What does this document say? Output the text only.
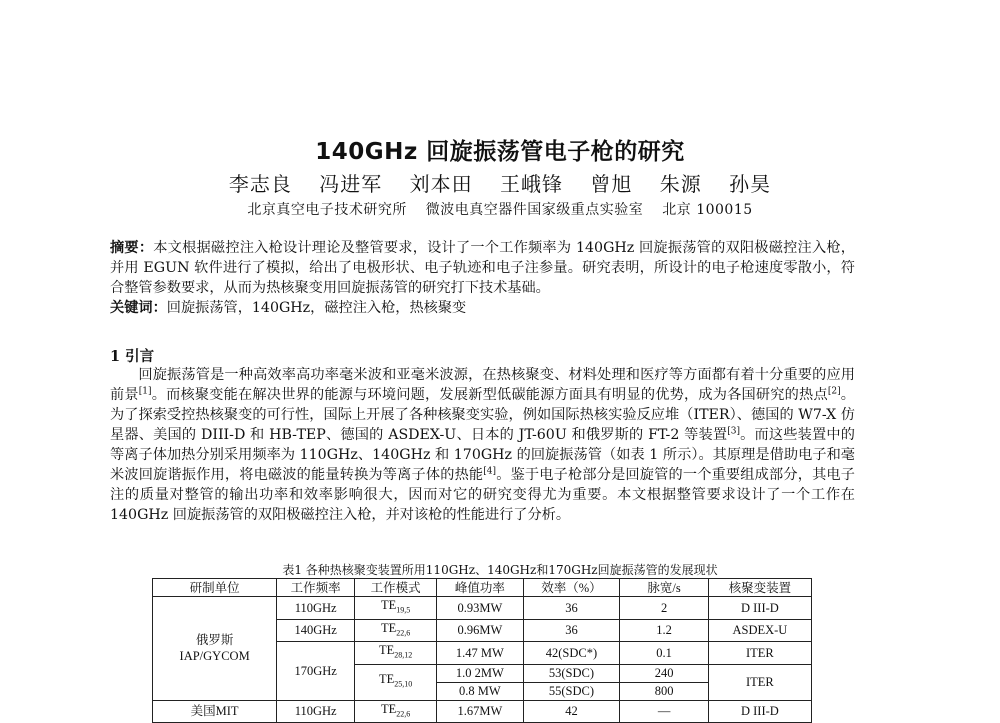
140GHz 回旋振荡管电子枪的研究
李志良 冯进军 刘本田 王峨锋 曾旭 朱源 孙昊
北京真空电子技术研究所 微波电真空器件国家级重点实验室 北京 100015
摘要：本文根据磁控注入枪设计理论及整管要求，设计了一个工作频率为 140GHz 回旋振荡管的双阳极磁控注入枪，并用 EGUN 软件进行了模拟，给出了电极形状、电子轨迹和电子注参量。研究表明，所设计的电子枪速度零散小，符合整管参数要求，从而为热核聚变用回旋振荡管的研究打下技术基础。
关键词：回旋振荡管，140GHz，磁控注入枪，热核聚变
1 引言
回旋振荡管是一种高效率高功率毫米波和亚毫米波源，在热核聚变、材料处理和医疗等方面都有着十分重要的应用前景[1]。而核聚变能在解决世界的能源与环境问题，发展新型低碳能源方面具有明显的优势，成为各国研究的热点[2]。为了探索受控热核聚变的可行性，国际上开展了各种核聚变实验，例如国际热核实验反应堆（ITER）、德国的 W7-X 仿星器、美国的 DIII-D 和 HB-TEP、德国的 ASDEX-U、日本的 JT-60U 和俄罗斯的 FT-2 等装置[3]。而这些装置中的等离子体加热分别采用频率为 110GHz、140GHz 和 170GHz 的回旋振荡管（如表 1 所示）。其原理是借助电子和毫米波回旋谐振作用，将电磁波的能量转换为等离子体的热能[4]。鉴于电子枪部分是回旋管的一个重要组成部分，其电子注的质量对整管的输出功率和效率影响很大，因而对它的研究变得尤为重要。本文根据整管要求设计了一个工作在 140GHz 回旋振荡管的双阳极磁控注入枪，并对该枪的性能进行了分析。
表1 各种热核聚变装置所用110GHz、140GHz和170GHz回旋振荡管的发展现状
研制单位	工作频率	工作模式	峰值功率	效率（%）	脉宽/s	核聚变装置

俄罗斯
IAP/GYCOM	110GHz	$TE_{19,5}$	0.93MW	36	2	D III-D
	140GHz	$TE_{22,6}$	0.96MW	36	1.2	ASDEX-U
	170GHz	$TE_{28,12}$	1.47 MW	42(SDC*)	0.1	ITER
		$TE_{25,10}$	1.0 2MW	53(SDC)	240	ITER
			0.8 MW	55(SDC)	800	
美国MIT	110GHz	$TE_{22,6}$	1.67MW	42	—	D III-D
